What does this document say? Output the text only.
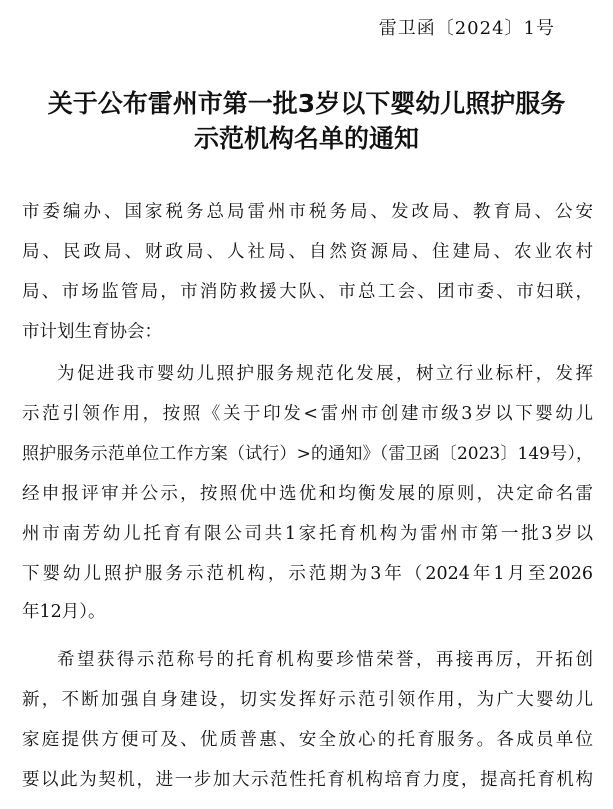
雷卫函〔2024〕1号
关于公布雷州市第一批3岁以下婴幼儿照护服务
示范机构名单的通知
市委编办、国家税务总局雷州市税务局、发改局、教育局、公安
局、民政局、财政局、人社局、自然资源局、住建局、农业农村
局、市场监管局，市消防救援大队、市总工会、团市委、市妇联，
市计划生育协会：
为促进我市婴幼儿照护服务规范化发展，树立行业标杆，发挥
示范引领作用，按照《关于印发<雷州市创建市级3岁以下婴幼儿
照护服务示范单位工作方案（试行）>的通知》（雷卫函〔2023〕149号），
经申报评审并公示，按照优中选优和均衡发展的原则，决定命名雷
州市南芳幼儿托育有限公司共1家托育机构为雷州市第一批3岁以
下婴幼儿照护服务示范机构，示范期为3年（2024年1月至2026
年12月）。
希望获得示范称号的托育机构要珍惜荣誉，再接再厉，开拓创
新，不断加强自身建设，切实发挥好示范引领作用，为广大婴幼儿
家庭提供方便可及、优质普惠、安全放心的托育服务。各成员单位
要以此为契机，进一步加大示范性托育机构培育力度，提高托育机构
